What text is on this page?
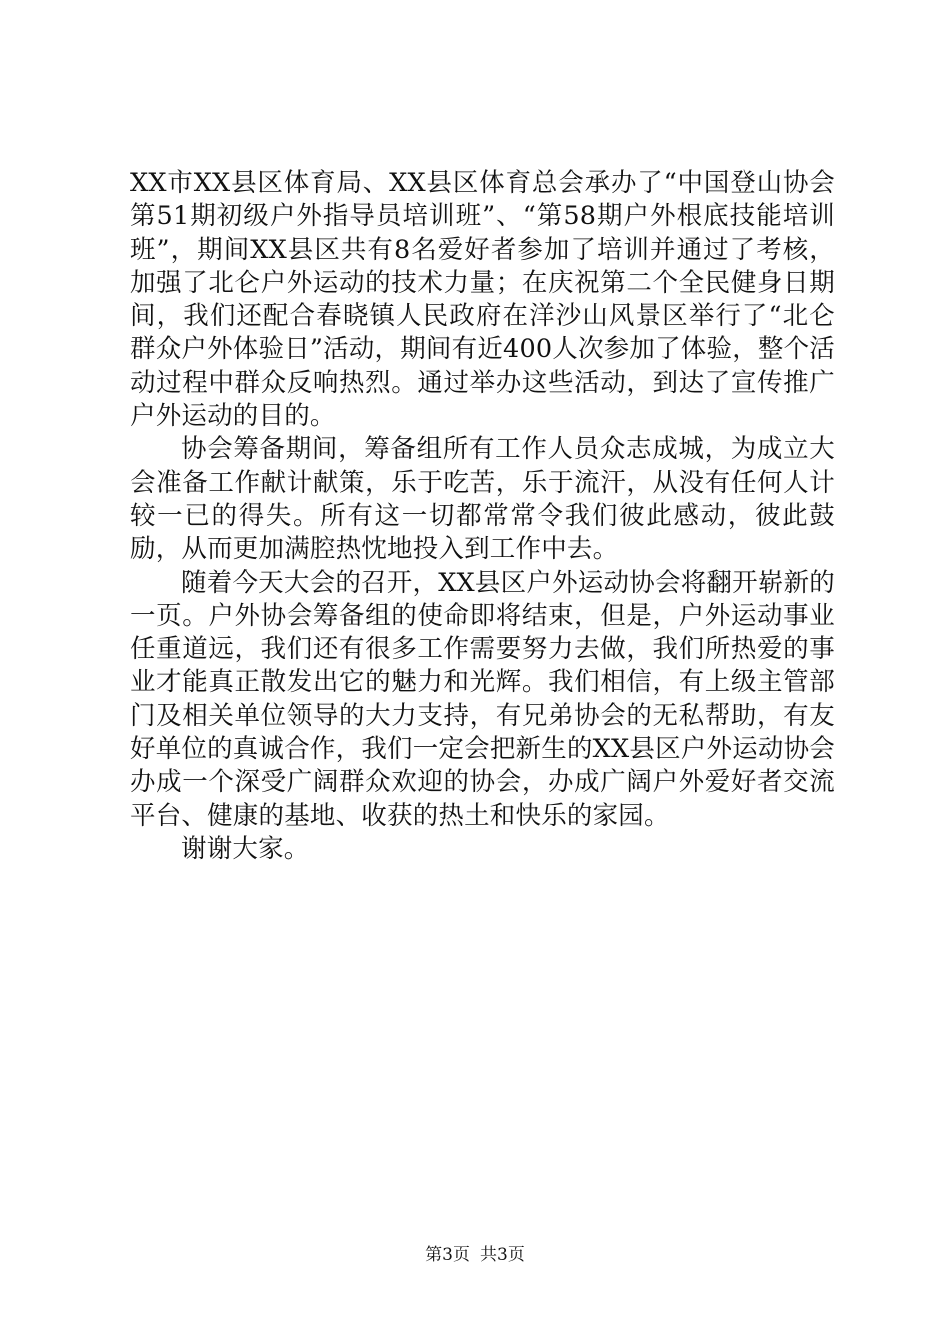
XX市XX县区体育局、XX县区体育总会承办了“中国登山协会第51期初级户外指导员培训班”、“第58期户外根底技能培训班”，期间XX县区共有8名爱好者参加了培训并通过了考核，加强了北仑户外运动的技术力量；在庆祝第二个全民健身日期间，我们还配合春晓镇人民政府在洋沙山风景区举行了“北仑群众户外体验日”活动，期间有近400人次参加了体验，整个活动过程中群众反响热烈。通过举办这些活动，到达了宣传推广户外运动的目的。

协会筹备期间，筹备组所有工作人员众志成城，为成立大会准备工作献计献策，乐于吃苦，乐于流汗，从没有任何人计较一已的得失。所有这一切都常常令我们彼此感动，彼此鼓励，从而更加满腔热忱地投入到工作中去。

随着今天大会的召开，XX县区户外运动协会将翻开崭新的一页。户外协会筹备组的使命即将结束，但是，户外运动事业任重道远，我们还有很多工作需要努力去做，我们所热爱的事业才能真正散发出它的魅力和光辉。我们相信，有上级主管部门及相关单位领导的大力支持，有兄弟协会的无私帮助，有友好单位的真诚合作，我们一定会把新生的XX县区户外运动协会办成一个深受广阔群众欢迎的协会，办成广阔户外爱好者交流平台、健康的基地、收获的热土和快乐的家园。

谢谢大家。

第3页 共3页
